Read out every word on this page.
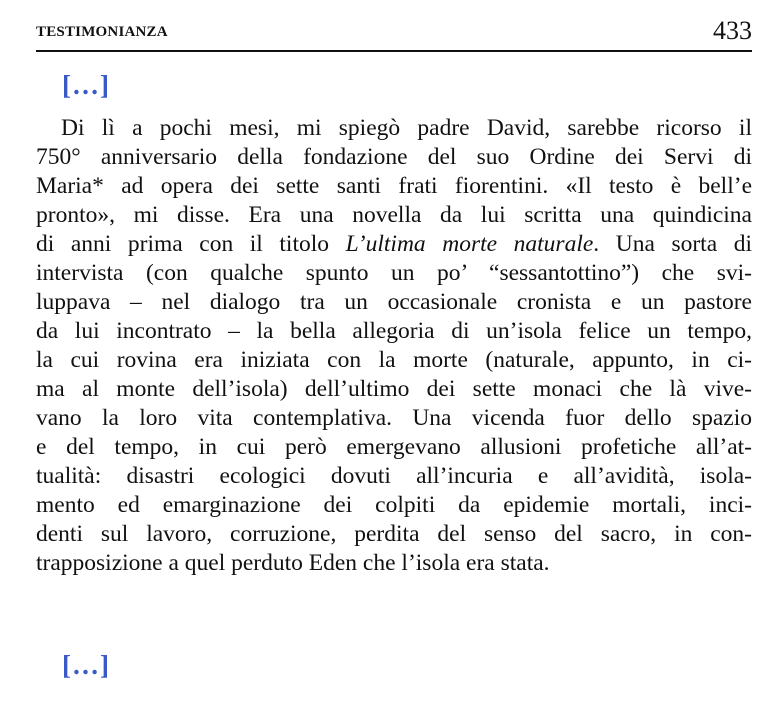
TESTIMONIANZA	433
[…]
Di lì a pochi mesi, mi spiegò padre David, sarebbe ricorso il
750° anniversario della fondazione del suo Ordine dei Servi di
Maria* ad opera dei sette santi frati fiorentini. «Il testo è bell’e
pronto», mi disse. Era una novella da lui scritta una quindicina
di anni prima con il titolo L’ultima morte naturale. Una sorta di
intervista (con qualche spunto un po’ “sessantottino”) che svi-
luppava – nel dialogo tra un occasionale cronista e un pastore
da lui incontrato – la bella allegoria di un’isola felice un tempo,
la cui rovina era iniziata con la morte (naturale, appunto, in ci-
ma al monte dell’isola) dell’ultimo dei sette monaci che là vive-
vano la loro vita contemplativa. Una vicenda fuor dello spazio
e del tempo, in cui però emergevano allusioni profetiche all’at-
tualità: disastri ecologici dovuti all’incuria e all’avidità, isola-
mento ed emarginazione dei colpiti da epidemie mortali, inci-
denti sul lavoro, corruzione, perdita del senso del sacro, in con-
trapposizione a quel perduto Eden che l’isola era stata.
[…]
